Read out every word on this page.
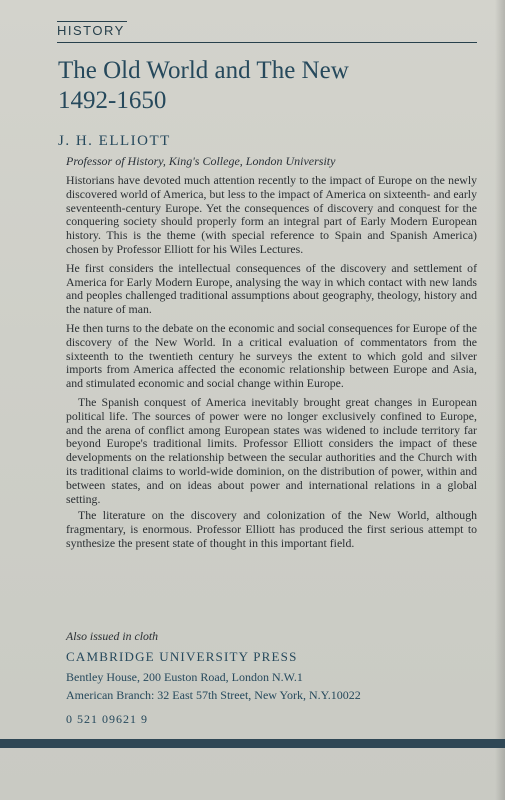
HISTORY
The Old World and The New
1492-1650
J. H. ELLIOTT
Professor of History, King's College, London University

Historians have devoted much attention recently to the impact of Europe on the newly discovered world of America, but less to the impact of America on sixteenth- and early seventeenth-century Europe. Yet the consequences of discovery and conquest for the conquering society should properly form an integral part of Early Modern European history. This is the theme (with special reference to Spain and Spanish America) chosen by Professor Elliott for his Wiles Lectures.

He first considers the intellectual consequences of the discovery and settlement of America for Early Modern Europe, analysing the way in which contact with new lands and peoples challenged traditional assumptions about geography, theology, history and the nature of man.

He then turns to the debate on the economic and social consequences for Europe of the discovery of the New World. In a critical evaluation of commentators from the sixteenth to the twentieth century he surveys the extent to which gold and silver imports from America affected the economic relationship between Europe and Asia, and stimulated economic and social change within Europe.

The Spanish conquest of America inevitably brought great changes in European political life. The sources of power were no longer exclusively confined to Europe, and the arena of conflict among European states was widened to include territory far beyond Europe's traditional limits. Professor Elliott considers the impact of these developments on the relationship between the secular authorities and the Church with its traditional claims to world-wide dominion, on the distribution of power, within and between states, and on ideas about power and international relations in a global setting.

The literature on the discovery and colonization of the New World, although fragmentary, is enormous. Professor Elliott has produced the first serious attempt to synthesize the present state of thought in this important field.

Also issued in cloth
CAMBRIDGE UNIVERSITY PRESS
Bentley House, 200 Euston Road, London N.W.1
American Branch: 32 East 57th Street, New York, N.Y.10022
0 521 09621 9
